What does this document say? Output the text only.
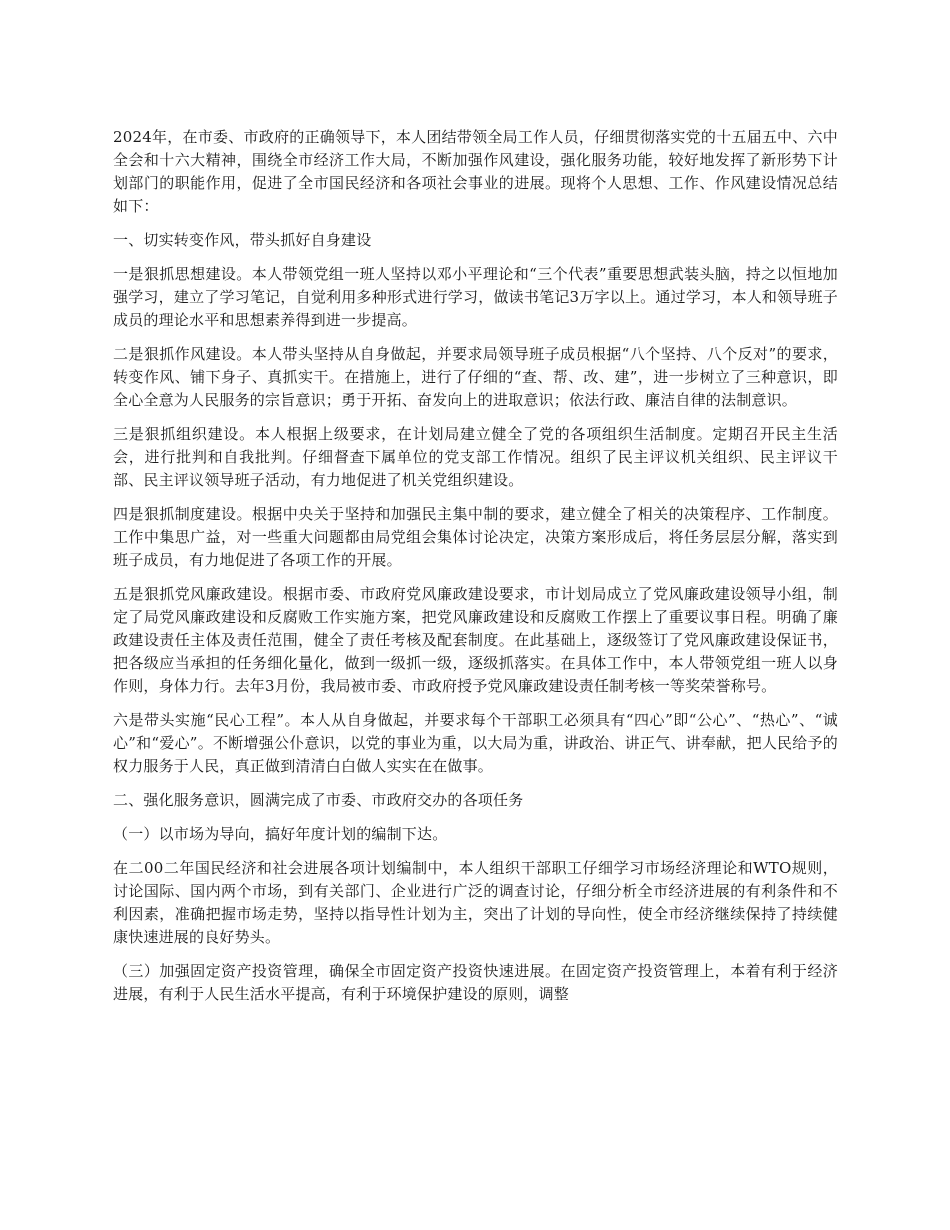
2024年，在市委、市政府的正确领导下，本人团结带领全局工作人员，仔细贯彻落实党的十五届五中、六中全会和十六大精神，围绕全市经济工作大局，不断加强作风建设，强化服务功能，较好地发挥了新形势下计划部门的职能作用，促进了全市国民经济和各项社会事业的进展。现将个人思想、工作、作风建设情况总结如下：

一、切实转变作风，带头抓好自身建设

一是狠抓思想建设。本人带领党组一班人坚持以邓小平理论和“三个代表”重要思想武装头脑，持之以恒地加强学习，建立了学习笔记，自觉利用多种形式进行学习，做读书笔记3万字以上。通过学习，本人和领导班子成员的理论水平和思想素养得到进一步提高。

二是狠抓作风建设。本人带头坚持从自身做起，并要求局领导班子成员根据“八个坚持、八个反对”的要求，转变作风、铺下身子、真抓实干。在措施上，进行了仔细的“查、帮、改、建”，进一步树立了三种意识，即全心全意为人民服务的宗旨意识；勇于开拓、奋发向上的进取意识；依法行政、廉洁自律的法制意识。

三是狠抓组织建设。本人根据上级要求，在计划局建立健全了党的各项组织生活制度。定期召开民主生活会，进行批判和自我批判。仔细督查下属单位的党支部工作情况。组织了民主评议机关组织、民主评议干部、民主评议领导班子活动，有力地促进了机关党组织建设。

四是狠抓制度建设。根据中央关于坚持和加强民主集中制的要求，建立健全了相关的决策程序、工作制度。工作中集思广益，对一些重大问题都由局党组会集体讨论决定，决策方案形成后，将任务层层分解，落实到班子成员，有力地促进了各项工作的开展。

五是狠抓党风廉政建设。根据市委、市政府党风廉政建设要求，市计划局成立了党风廉政建设领导小组，制定了局党风廉政建设和反腐败工作实施方案，把党风廉政建设和反腐败工作摆上了重要议事日程。明确了廉政建设责任主体及责任范围，健全了责任考核及配套制度。在此基础上，逐级签订了党风廉政建设保证书，把各级应当承担的任务细化量化，做到一级抓一级，逐级抓落实。在具体工作中，本人带领党组一班人以身作则，身体力行。去年3月份，我局被市委、市政府授予党风廉政建设责任制考核一等奖荣誉称号。

六是带头实施“民心工程”。本人从自身做起，并要求每个干部职工必须具有“四心”即“公心”、“热心”、“诚心”和“爱心”。不断增强公仆意识，以党的事业为重，以大局为重，讲政治、讲正气、讲奉献，把人民给予的权力服务于人民，真正做到清清白白做人实实在在做事。

二、强化服务意识，圆满完成了市委、市政府交办的各项任务

（一）以市场为导向，搞好年度计划的编制下达。

在二00二年国民经济和社会进展各项计划编制中，本人组织干部职工仔细学习市场经济理论和WTO规则，讨论国际、国内两个市场，到有关部门、企业进行广泛的调查讨论，仔细分析全市经济进展的有利条件和不利因素，准确把握市场走势，坚持以指导性计划为主，突出了计划的导向性，使全市经济继续保持了持续健康快速进展的良好势头。

（三）加强固定资产投资管理，确保全市固定资产投资快速进展。在固定资产投资管理上，本着有利于经济进展，有利于人民生活水平提高，有利于环境保护建设的原则，调整
